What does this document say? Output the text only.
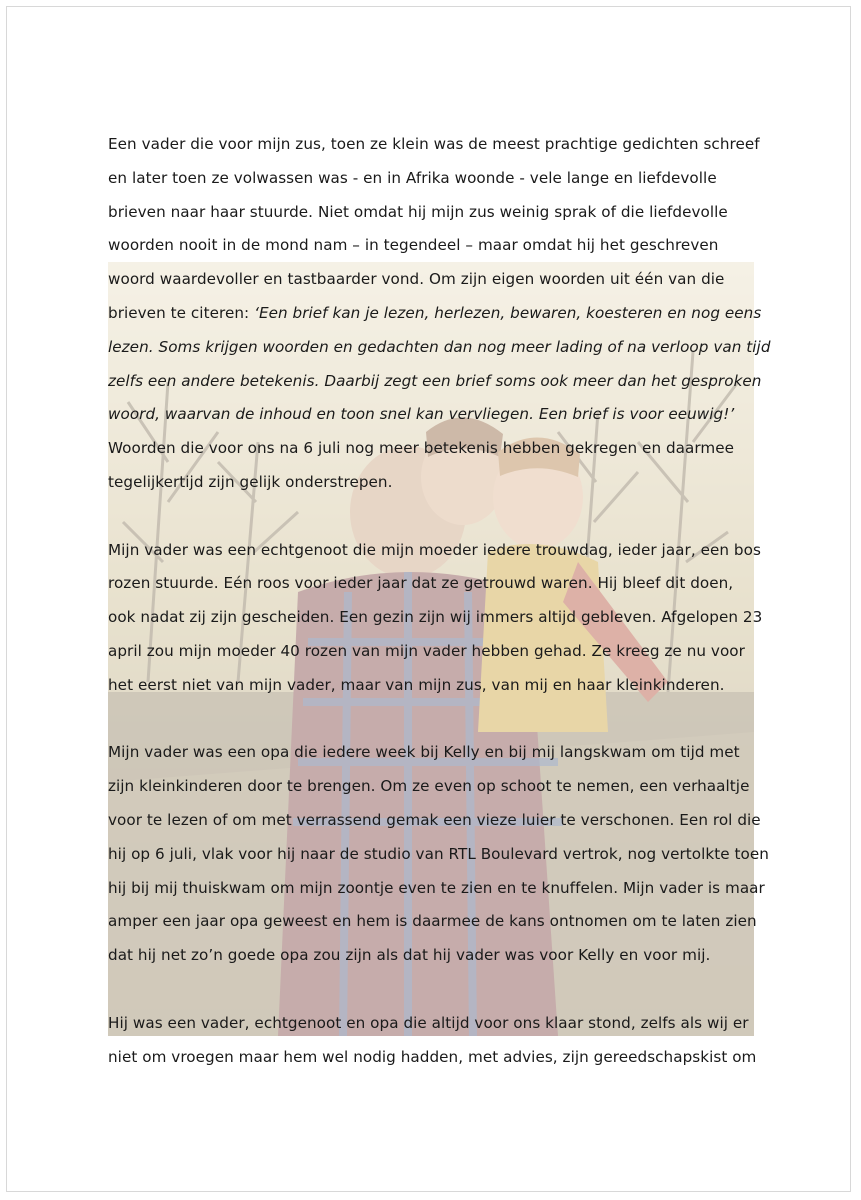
Een vader die voor mijn zus, toen ze klein was de meest prachtige gedichten schreef
en later toen ze volwassen was - en in Afrika woonde - vele lange en liefdevolle
brieven naar haar stuurde. Niet omdat hij mijn zus weinig sprak of die liefdevolle
woorden nooit in de mond nam – in tegendeel – maar omdat hij het geschreven
woord waardevoller en tastbaarder vond. Om zijn eigen woorden uit één van die
brieven te citeren: ‘Een brief kan je lezen, herlezen, bewaren, koesteren en nog eens
lezen. Soms krijgen woorden en gedachten dan nog meer lading of na verloop van tijd
zelfs een andere betekenis. Daarbij zegt een brief soms ook meer dan het gesproken
woord, waarvan de inhoud en toon snel kan vervliegen. Een brief is voor eeuwig!’
Woorden die voor ons na 6 juli nog meer betekenis hebben gekregen en daarmee
tegelijkertijd zijn gelijk onderstrepen.
Mijn vader was een echtgenoot die mijn moeder iedere trouwdag, ieder jaar, een bos
rozen stuurde. Eén roos voor ieder jaar dat ze getrouwd waren. Hij bleef dit doen,
ook nadat zij zijn gescheiden. Een gezin zijn wij immers altijd gebleven. Afgelopen 23
april zou mijn moeder 40 rozen van mijn vader hebben gehad. Ze kreeg ze nu voor
het eerst niet van mijn vader, maar van mijn zus, van mij en haar kleinkinderen.
Mijn vader was een opa die iedere week bij Kelly en bij mij langskwam om tijd met
zijn kleinkinderen door te brengen. Om ze even op schoot te nemen, een verhaaltje
voor te lezen of om met verrassend gemak een vieze luier te verschonen. Een rol die
hij op 6 juli, vlak voor hij naar de studio van RTL Boulevard vertrok, nog vertolkte toen
hij bij mij thuiskwam om mijn zoontje even te zien en te knuffelen. Mijn vader is maar
amper een jaar opa geweest en hem is daarmee de kans ontnomen om te laten zien
dat hij net zo’n goede opa zou zijn als dat hij vader was voor Kelly en voor mij.
Hij was een vader, echtgenoot en opa die altijd voor ons klaar stond, zelfs als wij er
niet om vroegen maar hem wel nodig hadden, met advies, zijn gereedschapskist om
